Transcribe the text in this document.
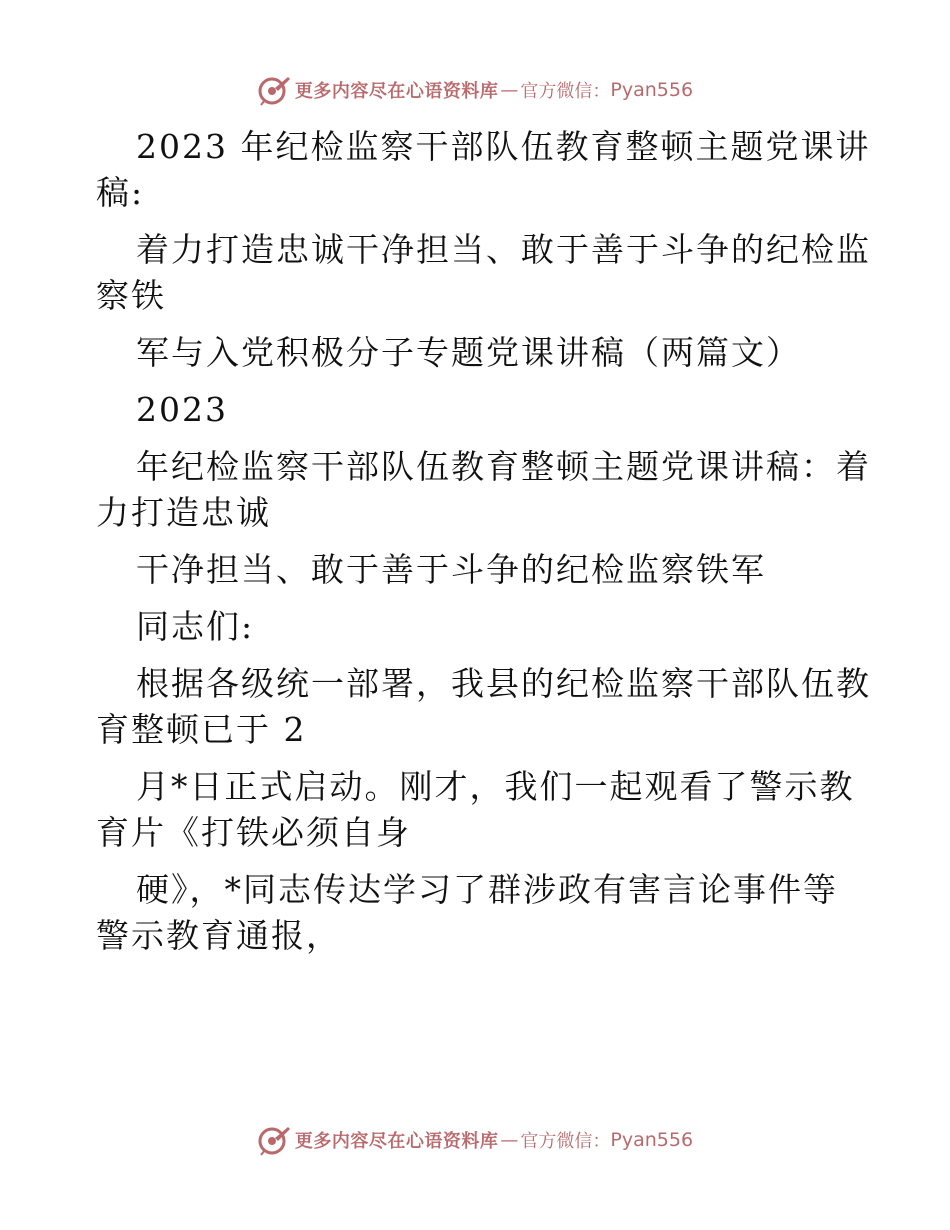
更多内容尽在心语资料库 — 官方微信： Pyan556
2023 年纪检监察干部队伍教育整顿主题党课讲
稿:
着力打造忠诚干净担当、敢于善于斗争的纪检监
察铁
军与入党积极分子专题党课讲稿（两篇文）
2023
年纪检监察干部队伍教育整顿主题党课讲稿：着
力打造忠诚
干净担当、敢于善于斗争的纪检监察铁军
同志们:
根据各级统一部署，我县的纪检监察干部队伍教
育整顿已于 2
月*日正式启动。刚才，我们一起观看了警示教
育片《打铁必须自身
硬》，*同志传达学习了群涉政有害言论事件等
警示教育通报，
更多内容尽在心语资料库 — 官方微信： Pyan556
